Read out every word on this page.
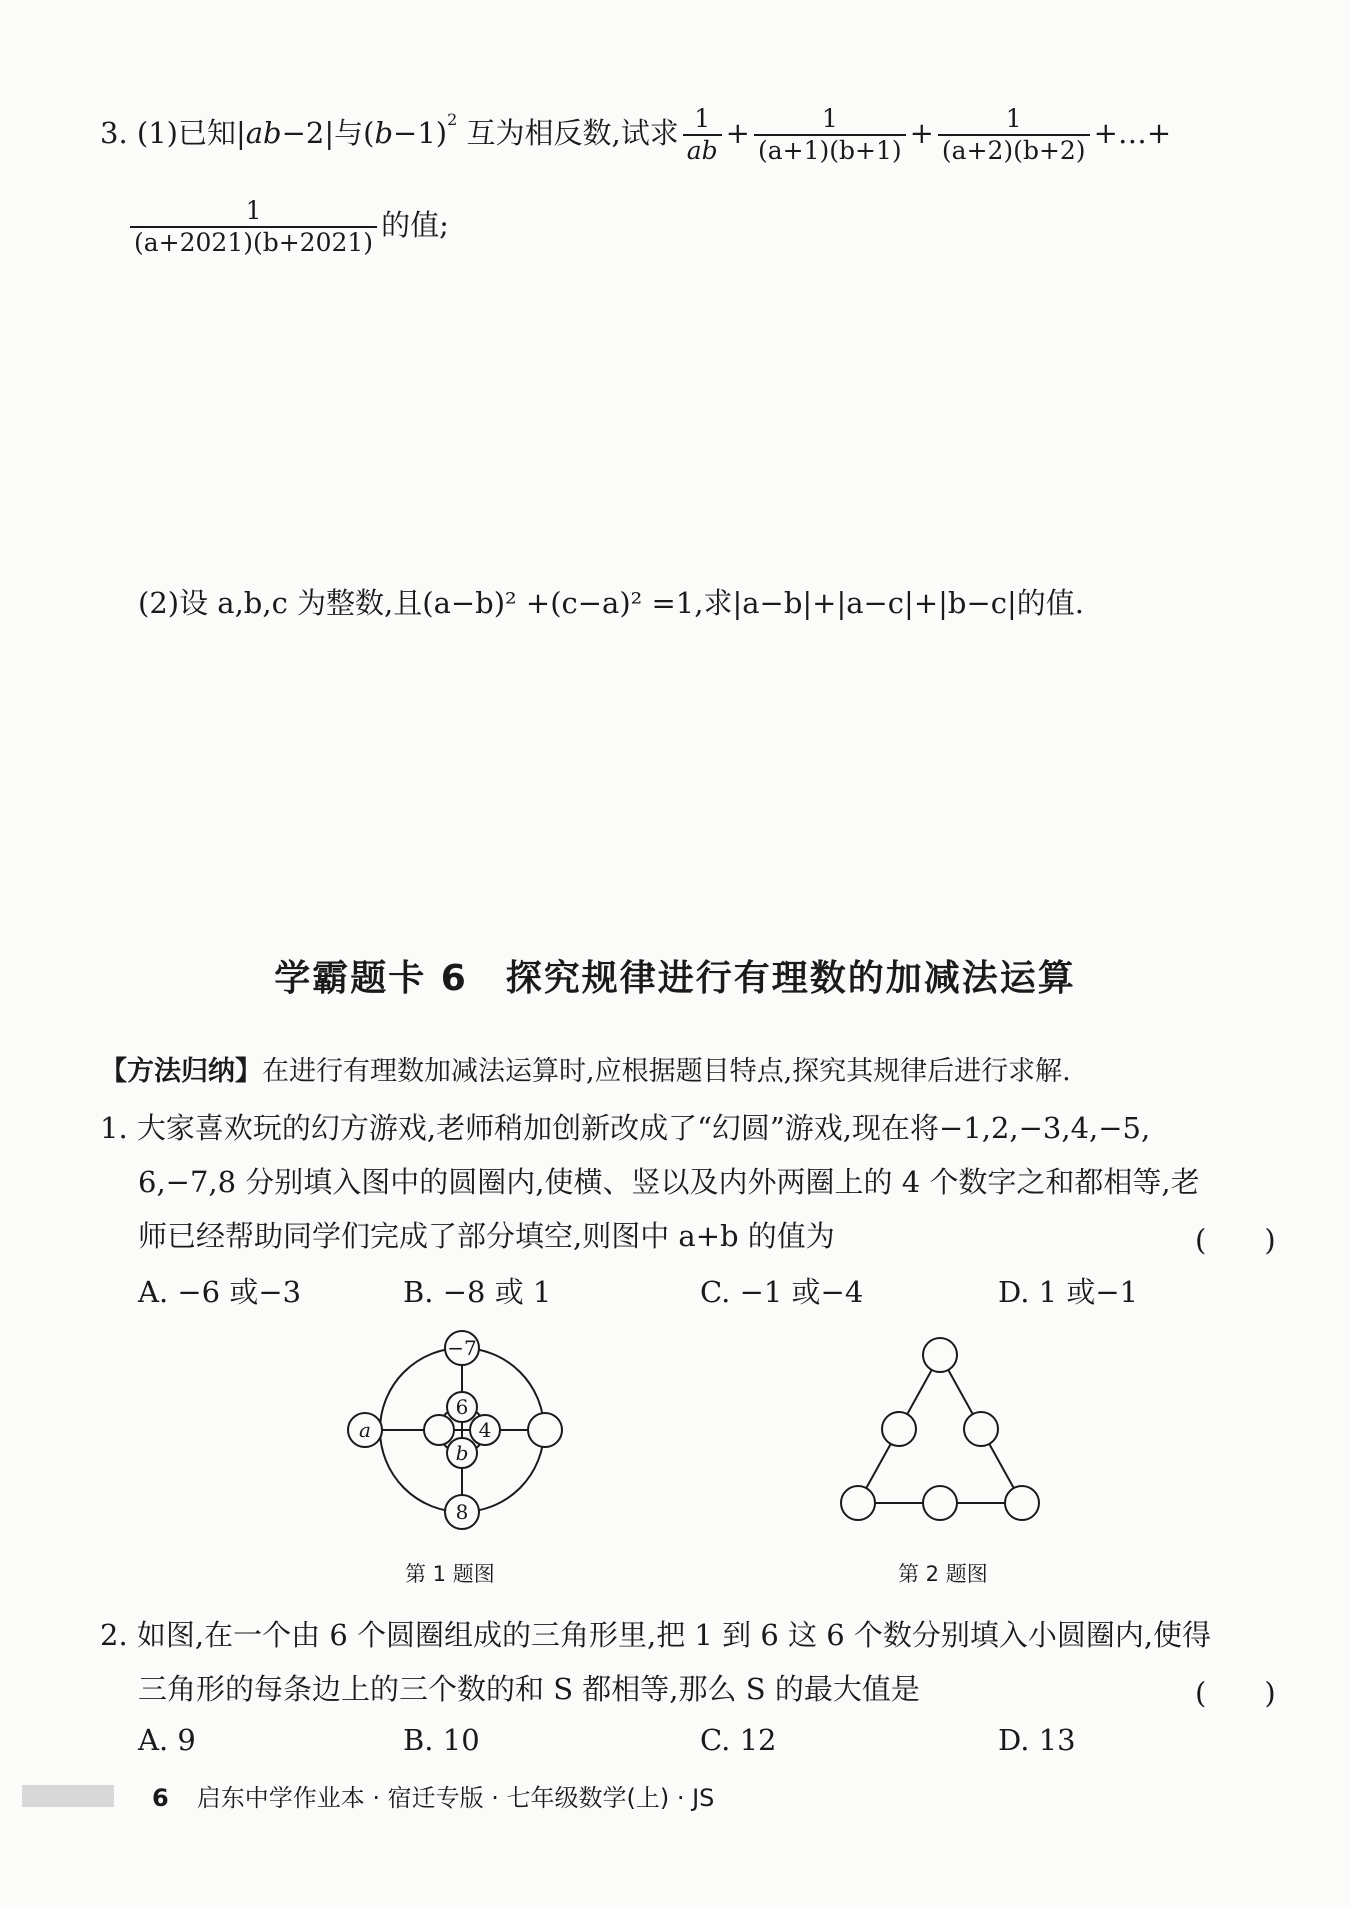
3. (1)已知|ab−2|与$(b-1)^2$ 互为相反数,试求 $\frac{1}{ab} + \frac{1}{(a+1)(b+1)} + \frac{1}{(a+2)(b+2)}$ +…+
$\frac{1}{(a+2021)(b+2021)}$ 的值;
(2)设 a,b,c 为整数,且(a−b)² +(c−a)² =1,求|a−b|+|a−c|+|b−c|的值.
学霸题卡 6　探究规律进行有理数的加减法运算
【方法归纳】在进行有理数加减法运算时,应根据题目特点,探究其规律后进行求解.
1. 大家喜欢玩的幻方游戏,老师稍加创新改成了“幻圆”游戏,现在将−1,2,−3,4,−5,
6,−7,8 分别填入图中的圆圈内,使横、竖以及内外两圈上的 4 个数字之和都相等,老
师已经帮助同学们完成了部分填空,则图中 a+b 的值为	(　　)
A. −6 或−3	B. −8 或 1	C. −1 或−4	D. 1 或−1
−7
6
4
b
8
a
第 1 题图	第 2 题图
2. 如图,在一个由 6 个圆圈组成的三角形里,把 1 到 6 这 6 个数分别填入小圆圈内,使得
三角形的每条边上的三个数的和 S 都相等,那么 S 的最大值是	(　　)
A. 9	B. 10	C. 12	D. 13
6 启东中学作业本 · 宿迁专版 · 七年级数学(上) · JS
